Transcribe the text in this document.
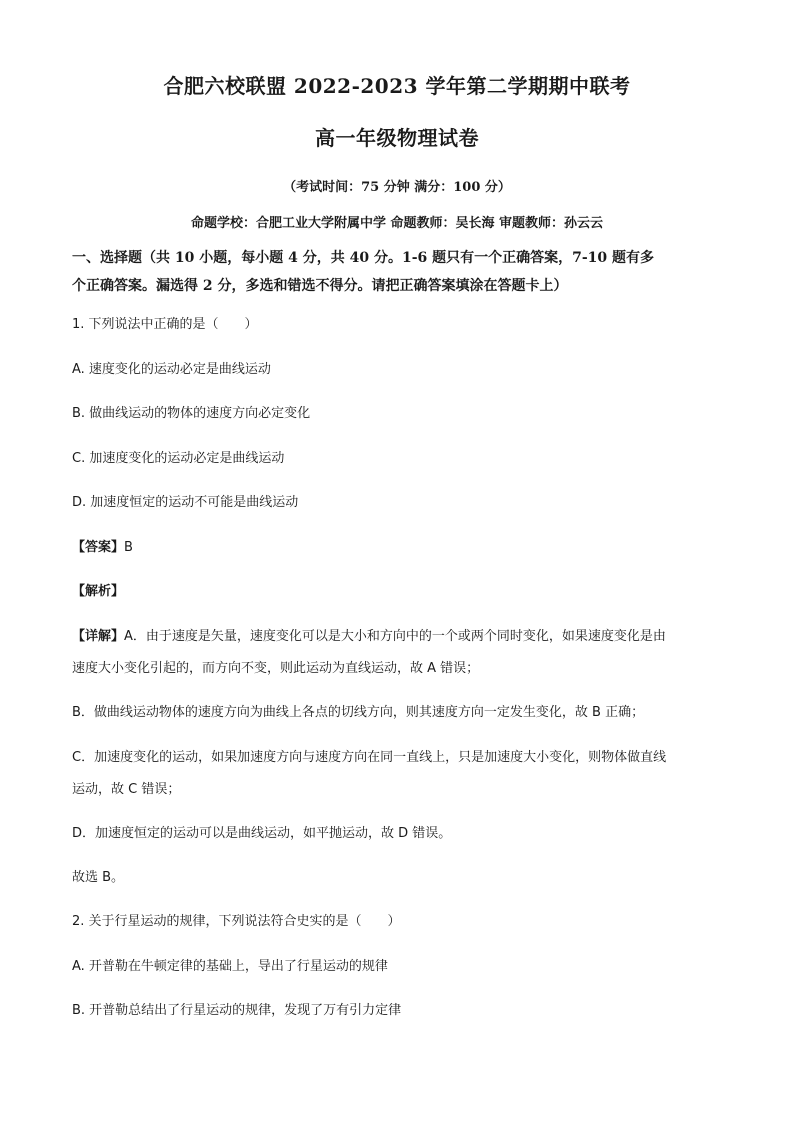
合肥六校联盟 2022-2023 学年第二学期期中联考
高一年级物理试卷
（考试时间：75 分钟 满分：100 分）
命题学校：合肥工业大学附属中学 命题教师：吴长海 审题教师：孙云云
一、选择题（共 10 小题，每小题 4 分，共 40 分。1-6 题只有一个正确答案，7-10 题有多
个正确答案。漏选得 2 分，多选和错选不得分。请把正确答案填涂在答题卡上）
1. 下列说法中正确的是（　　）
A. 速度变化的运动必定是曲线运动
B. 做曲线运动的物体的速度方向必定变化
C. 加速度变化的运动必定是曲线运动
D. 加速度恒定的运动不可能是曲线运动
【答案】B
【解析】
【详解】A．由于速度是矢量，速度变化可以是大小和方向中的一个或两个同时变化，如果速度变化是由
速度大小变化引起的，而方向不变，则此运动为直线运动，故 A 错误；
B．做曲线运动物体的速度方向为曲线上各点的切线方向，则其速度方向一定发生变化，故 B 正确；
C．加速度变化的运动，如果加速度方向与速度方向在同一直线上，只是加速度大小变化，则物体做直线
运动，故 C 错误；
D．加速度恒定的运动可以是曲线运动，如平抛运动，故 D 错误。
故选 B。
2. 关于行星运动的规律，下列说法符合史实的是（　　）
A. 开普勒在牛顿定律的基础上，导出了行星运动的规律
B. 开普勒总结出了行星运动的规律，发现了万有引力定律
